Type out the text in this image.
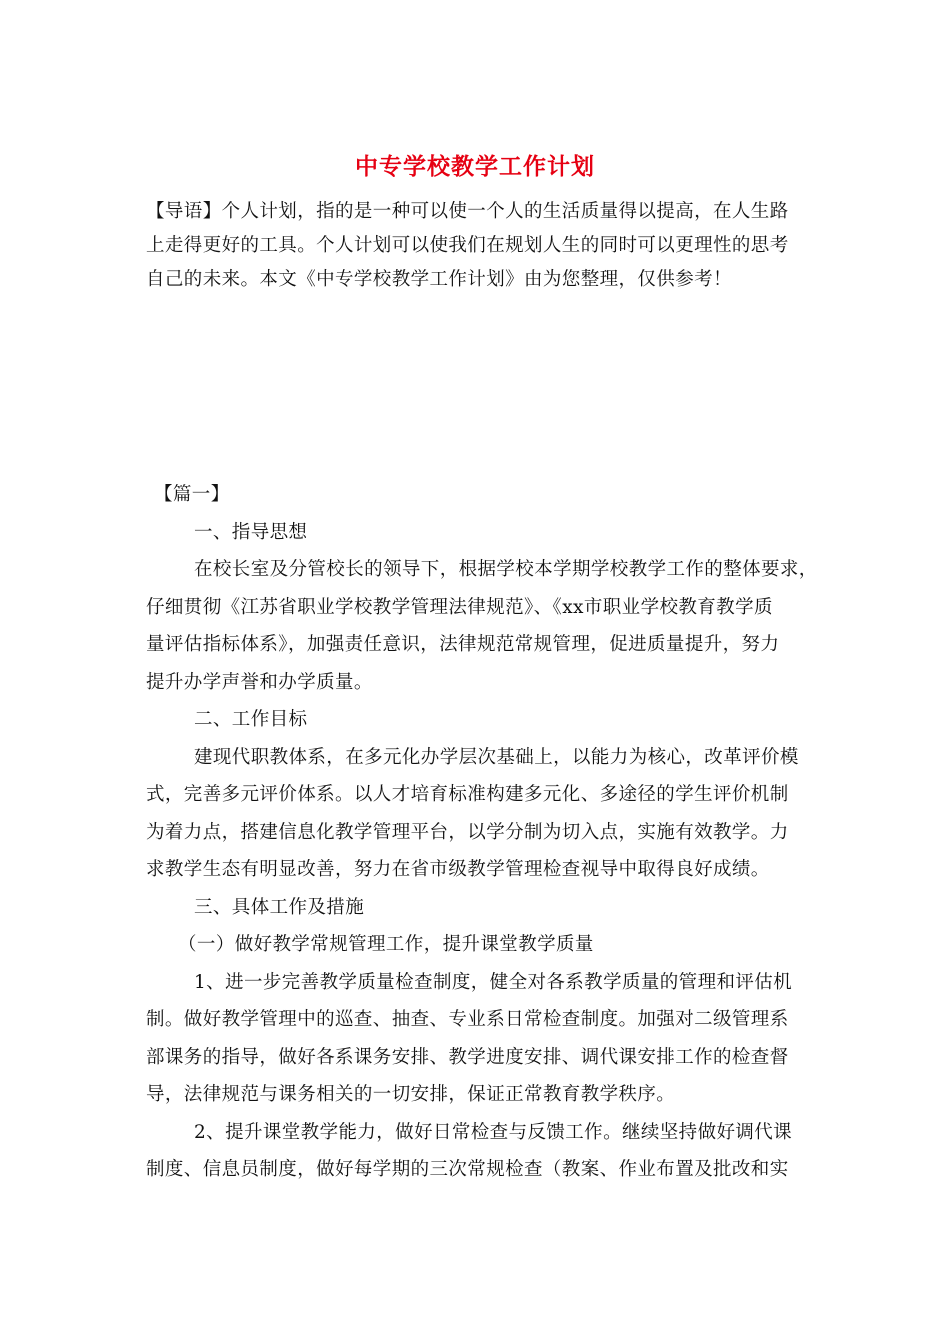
中专学校教学工作计划

【导语】个人计划，指的是一种可以使一个人的生活质量得以提高，在人生路

上走得更好的工具。个人计划可以使我们在规划人生的同时可以更理性的思考

自己的未来。本文《中专学校教学工作计划》由为您整理，仅供参考！

【篇一】

一、指导思想

在校长室及分管校长的领导下，根据学校本学期学校教学工作的整体要求，

仔细贯彻《江苏省职业学校教学管理法律规范》、《xx市职业学校教育教学质

量评估指标体系》，加强责任意识，法律规范常规管理，促进质量提升，努力

提升办学声誉和办学质量。

二、工作目标

建现代职教体系，在多元化办学层次基础上，以能力为核心，改革评价模

式，完善多元评价体系。以人才培育标准构建多元化、多途径的学生评价机制

为着力点，搭建信息化教学管理平台，以学分制为切入点，实施有效教学。力

求教学生态有明显改善，努力在省市级教学管理检查视导中取得良好成绩。

三、具体工作及措施

（一）做好教学常规管理工作，提升课堂教学质量

1、进一步完善教学质量检查制度，健全对各系教学质量的管理和评估机

制。做好教学管理中的巡查、抽查、专业系日常检查制度。加强对二级管理系

部课务的指导，做好各系课务安排、教学进度安排、调代课安排工作的检查督

导，法律规范与课务相关的一切安排，保证正常教育教学秩序。

2、提升课堂教学能力，做好日常检查与反馈工作。继续坚持做好调代课

制度、信息员制度，做好每学期的三次常规检查（教案、作业布置及批改和实
